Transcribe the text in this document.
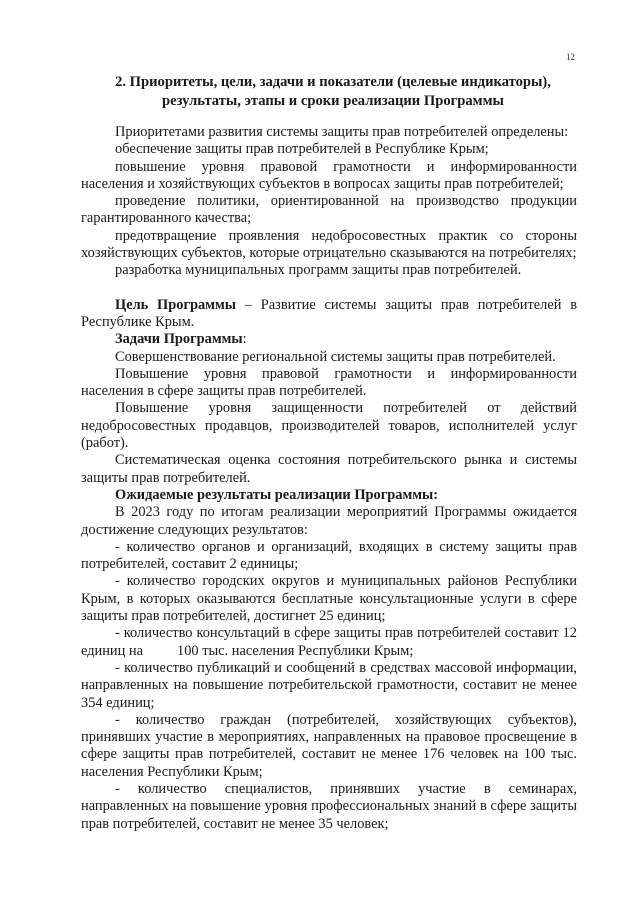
12
2. Приоритеты, цели, задачи и показатели (целевые индикаторы),
результаты, этапы и сроки реализации Программы

Приоритетами развития системы защиты прав потребителей определены:

обеспечение защиты прав потребителей в Республике Крым;

повышение уровня правовой грамотности и информированности населения и хозяйствующих субъектов в вопросах защиты прав потребителей;

проведение политики, ориентированной на производство продукции гарантированного качества;

предотвращение проявления недобросовестных практик со стороны хозяйствующих субъектов, которые отрицательно сказываются на потребителях;

разработка муниципальных программ защиты прав потребителей.

Цель Программы – Развитие системы защиты прав потребителей в Республике Крым.

Задачи Программы:

Совершенствование региональной системы защиты прав потребителей.

Повышение уровня правовой грамотности и информированности населения в сфере защиты прав потребителей.

Повышение уровня защищенности потребителей от действий недобросовестных продавцов, производителей товаров, исполнителей услуг (работ).

Систематическая оценка состояния потребительского рынка и системы защиты прав потребителей.

Ожидаемые результаты реализации Программы:

В 2023 году по итогам реализации мероприятий Программы ожидается достижение следующих результатов:

- количество органов и организаций, входящих в систему защиты прав потребителей, составит 2 единицы;

- количество городских округов и муниципальных районов Республики Крым, в которых оказываются бесплатные консультационные услуги в сфере защиты прав потребителей, достигнет 25 единиц;

- количество консультаций в сфере защиты прав потребителей составит 12 единиц на 100 тыс. населения Республики Крым;

- количество публикаций и сообщений в средствах массовой информации, направленных на повышение потребительской грамотности, составит не менее 354 единиц;

- количество граждан (потребителей, хозяйствующих субъектов), принявших участие в мероприятиях, направленных на правовое просвещение в сфере защиты прав потребителей, составит не менее 176 человек на 100 тыс. населения Республики Крым;

- количество специалистов, принявших участие в семинарах, направленных на повышение уровня профессиональных знаний в сфере защиты прав потребителей, составит не менее 35 человек;
